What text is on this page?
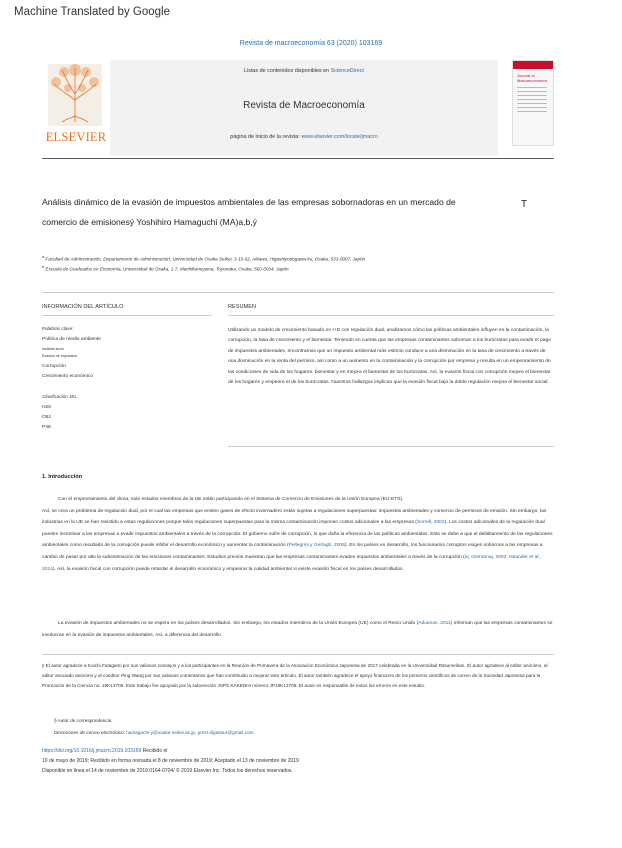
Machine Translated by Google
Revista de macroeconomía 63 (2020) 103169
ELSEVIER
Listas de contenidos disponibles en ScienceDirect
Revista de Macroeconomía
página de inicio de la revista: www.elsevier.com/locate/jmacro
Journal of Macroeconomics
Análisis dinámico de la evasión de impuestos ambientales de las empresas sobornadoras en un mercado de
comercio de emisionesý Yoshihiro Hamaguchi (MA)a,b,ý
T
$^a$ Facultad de Administración, Departamento de Administración, Universidad de Osaka Seikei, 3-10-62, Aikawa, Higashiyodogawa-ku, Osaka, 533-0007, Japón
$^b$ Escuela de Graduados en Economía, Universidad de Osaka, 1-7, Machikaneyama, Toyonaka, Osaka, 560-0034, Japón
INFORMACIÓN DEL ARTÍCULO
Palabras clave:
Política de medio ambiente
Instituto sucio
Evasión de impuestos
Corrupción
Crecimiento económico
Clasificación JEL:
H26
O51
P48
RESUMEN
Utilizando un modelo de crecimiento basado en I+D con regulación dual, analizamos cómo las políticas ambientales influyen en la contaminación, la corrupción, la tasa de crecimiento y el bienestar. Teniendo en cuenta que las empresas contaminantes sobornan a los burócratas para evadir el pago de impuestos ambientales, encontramos que un impuesto ambiental más estricto conduce a una disminución en la tasa de crecimiento a través de una disminución en la renta del permiso, así como a un aumento en la contaminación y la corrupción por empresa y resulta en un empeoramiento de las condiciones de vida de los hogares. bienestar y en mejora el bienestar de los burócratas. Así, la evasión fiscal con corrupción mejora el bienestar de los hogares y empeora el de los burócratas. Nuestros hallazgos implican que la evasión fiscal bajo la doble regulación mejora el bienestar social.
1. Introducción
Con el empeoramiento del clima, más estados miembros de la UE están participando en el Sistema de Comercio de Emisiones de la Unión Europea (EU-ETS).
Así, se crea un problema de regulación dual, por el cual las empresas que emiten gases de efecto invernadero están sujetas a regulaciones superpuestas: impuestos ambientales y comercio de permisos de emisión. Sin embargo, las industrias en la UE se han resistido a estas regulaciones porque tales regulaciones superpuestas para la misma contaminación imponen costos adicionales a las empresas (Sorrell, 2002). Los costos adicionales de la regulación dual pueden incentivar a las empresas a evadir impuestos ambientales a través de la corrupción. El gobierno sufre de corrupción, lo que daña la eficiencia de las políticas ambientales. Esto se debe a que el debilitamiento de las regulaciones ambientales como resultado de la corrupción puede inhibir el desarrollo económico y aumentar la contaminación (Pellegrini y Gerlagh, 2006). En los países en desarrollo, los funcionarios corruptos exigen sobornos a las empresas a cambio de pasar por alto la subestimación de las emisiones contaminantes. Estudios previos muestran que las empresas contaminantes evaden impuestos ambientales a través de la corrupción (ej. Oemarnaj, 2002; Iskander et al., 2014). Así, la evasión fiscal con corrupción puede retardar el desarrollo económico y empeorar la calidad ambiental si existe evasión fiscal en los países desarrollados.
La evasión de impuestos ambientales no se espera en los países desarrollados. Sin embargo, los estados miembros de la Unión Europea (UE) como el Reino Unido (Aduanas, 2011) informan que las empresas contaminantes se involucran en la evasión de impuestos ambientales. Así, a diferencia del desarrollo
ÿ El autor agradece a Koichi Futagami por sus valiosos consejos y a los participantes en la Reunión de Primavera de la Asociación Económica Japonesa de 2017 celebrada en la Universidad Ritsumeikan. El autor agradece al editor anónimo, al editor asociado anónimo y al coeditor Ping Wang por sus valiosos comentarios que han contribuido a mejorar este artículo. El autor también agradece el apoyo financiero de los primeros científicos de correo de la Sociedad Japonesa para la Promoción de la Ciencia no. 19K13706. Este trabajo fue apoyado por la subvención JSPS KAKENHI número JP19K13706. El autor es responsable de todos los errores en este estudio.
§ Autor de correspondencia.
Direcciones de correo electrónico: hamaguchi-y@osaka-seikei.ac.jp, prest.digtalaur@gmail.com.
https://doi.org/10.1016/j.jmacro.2019.103169 Recibido el
10 de mayo de 2019; Recibido en forma revisada el 8 de noviembre de 2019; Aceptado el 13 de noviembre de 2019
Disponible en línea el 14 de noviembre de 2019 0164-0704/ © 2019 Elsevier Inc. Todos los derechos reservados.
